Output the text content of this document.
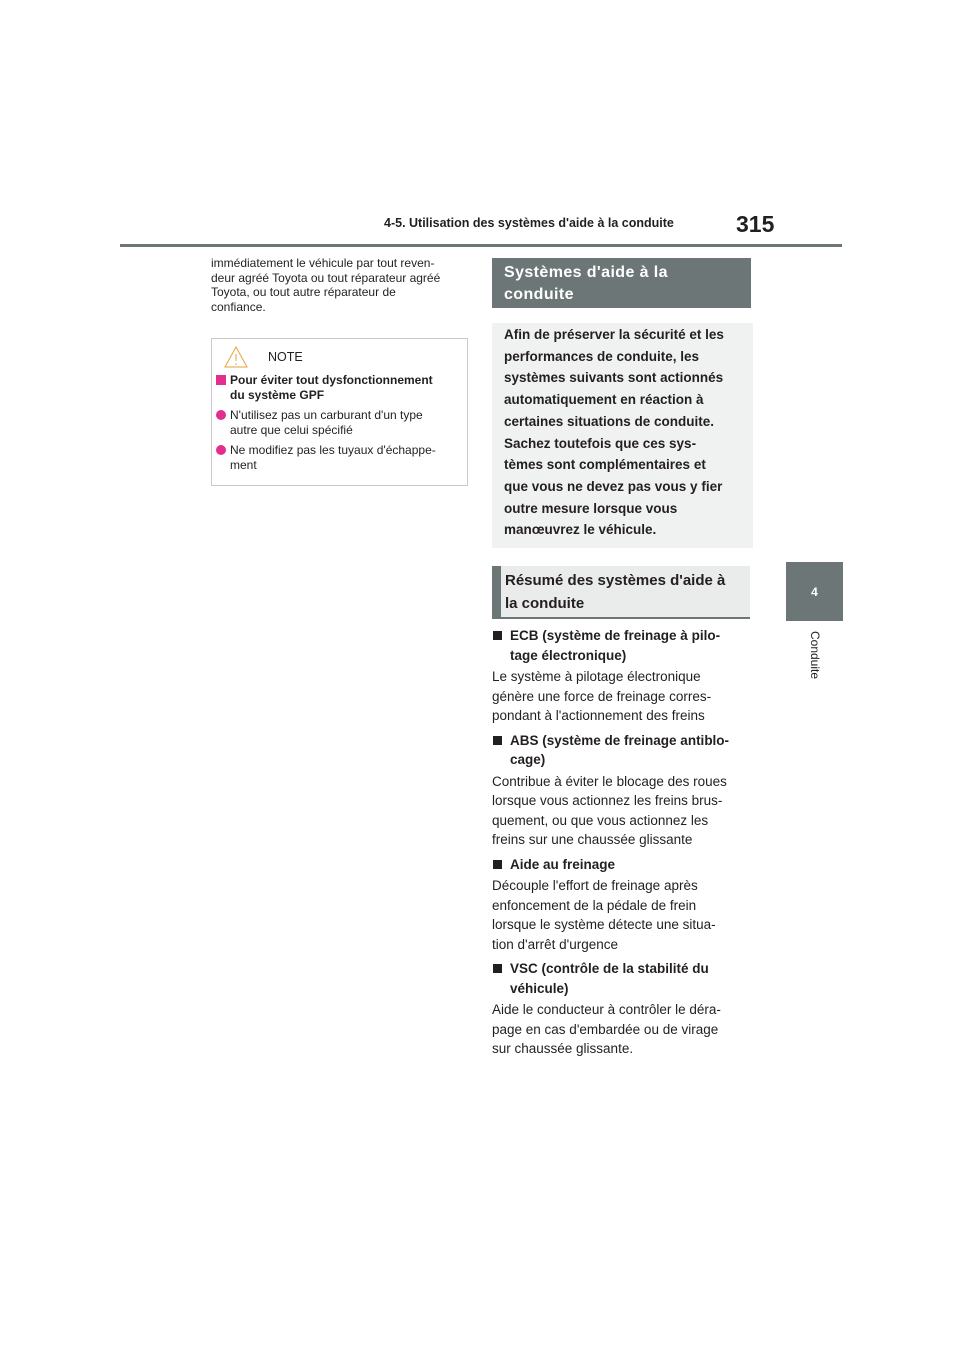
4-5. Utilisation des systèmes d'aide à la conduite	315
4
Conduite

immédiatement le véhicule par tout reven-
deur agréé Toyota ou tout réparateur agréé
Toyota, ou tout autre réparateur de
confiance.

NOTE
Pour éviter tout dysfonctionnement
du système GPF
N'utilisez pas un carburant d'un type
autre que celui spécifié
Ne modifiez pas les tuyaux d'échappe-
ment

Systèmes d'aide à la
conduite

Afin de préserver la sécurité et les
performances de conduite, les
systèmes suivants sont actionnés
automatiquement en réaction à
certaines situations de conduite.
Sachez toutefois que ces sys-
tèmes sont complémentaires et
que vous ne devez pas vous y fier
outre mesure lorsque vous
manœuvrez le véhicule.

Résumé des systèmes d'aide à
la conduite

ECB (système de freinage à pilo-
tage électronique)

Le système à pilotage électronique
génère une force de freinage corres-
pondant à l'actionnement des freins

ABS (système de freinage antiblo-
cage)

Contribue à éviter le blocage des roues
lorsque vous actionnez les freins brus-
quement, ou que vous actionnez les
freins sur une chaussée glissante

Aide au freinage

Découple l'effort de freinage après
enfoncement de la pédale de frein
lorsque le système détecte une situa-
tion d'arrêt d'urgence

VSC (contrôle de la stabilité du
véhicule)

Aide le conducteur à contrôler le déra-
page en cas d'embardée ou de virage
sur chaussée glissante.
